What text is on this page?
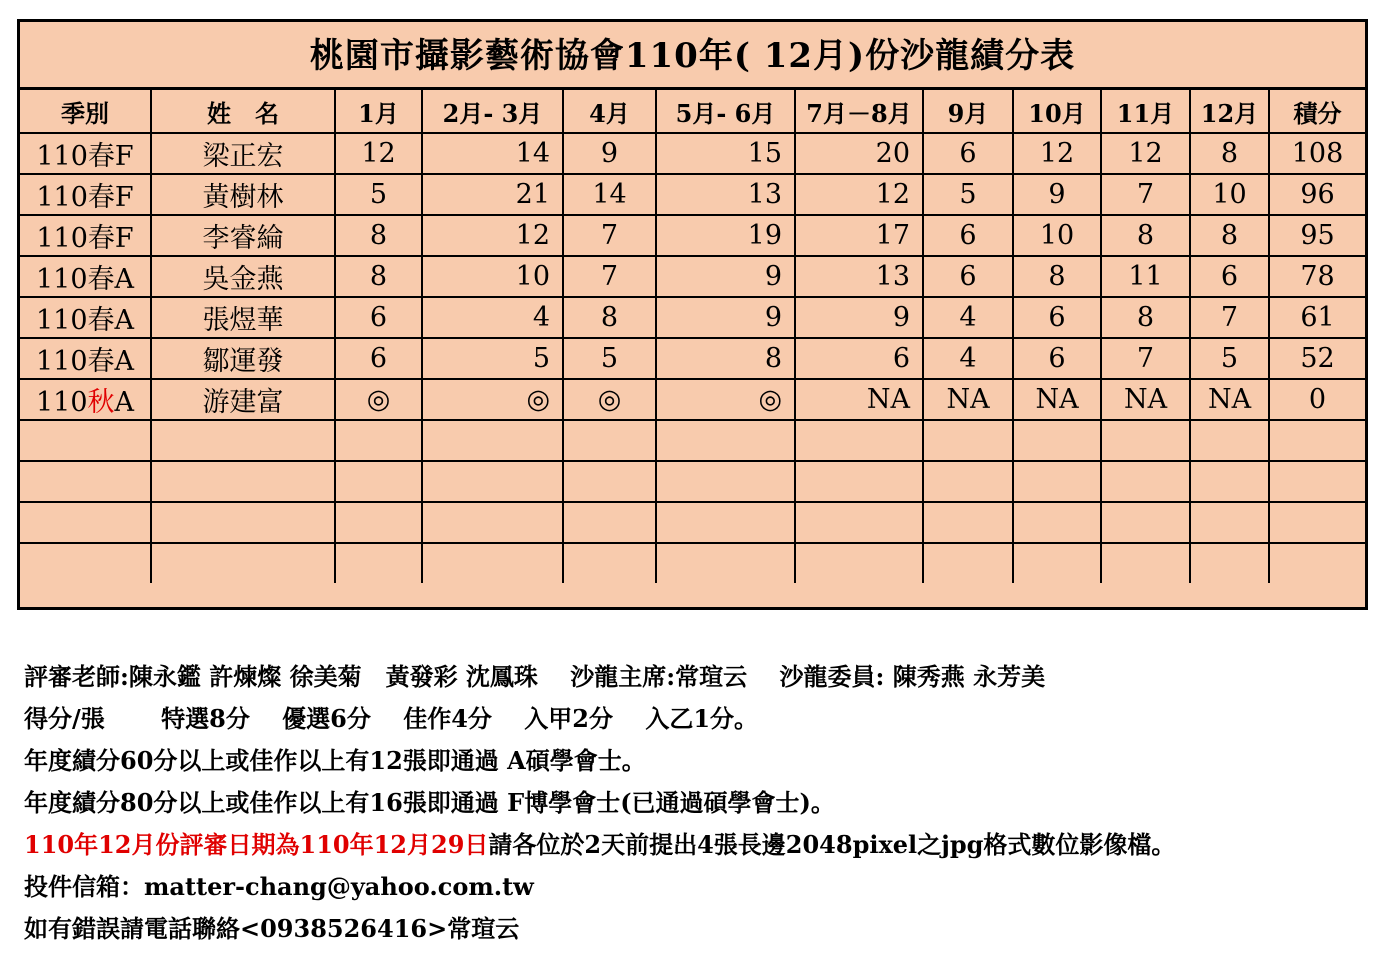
桃園市攝影藝術協會110年( 12月)份沙龍績分表
季別	姓　名	1月	2月- 3月	4月	5月- 6月	7月－8月	9月	10月	11月	12月	積分
110春F	梁正宏	12	14	9	15	20	6	12	12	8	108
110春F	黃樹林	5	21	14	13	12	5	9	7	10	96
110春F	李睿綸	8	12	7	19	17	6	10	8	8	95
110春A	吳金燕	8	10	7	9	13	6	8	11	6	78
110春A	張煜華	6	4	8	9	9	4	6	8	7	61
110春A	鄒運發	6	5	5	8	6	4	6	7	5	52
110秋A	游建富	◎	◎	◎	◎	NA	NA	NA	NA	NA	0

評審老師:陳永鑑 許煉燦 徐美菊　黃發彩 沈鳳珠　 沙龍主席:常瑄云　 沙龍委員: 陳秀燕 永芳美
得分/張　　 特選8分　 優選6分　 佳作4分　 入甲2分　 入乙1分。
年度績分60分以上或佳作以上有12張即通過 A碩學會士。
年度績分80分以上或佳作以上有16張即通過 F博學會士(已通過碩學會士)。
110年12月份評審日期為110年12月29日請各位於2天前提出4張長邊2048pixel之jpg格式數位影像檔。
投件信箱：matter-chang@yahoo.com.tw
如有錯誤請電話聯絡<0938526416>常瑄云
